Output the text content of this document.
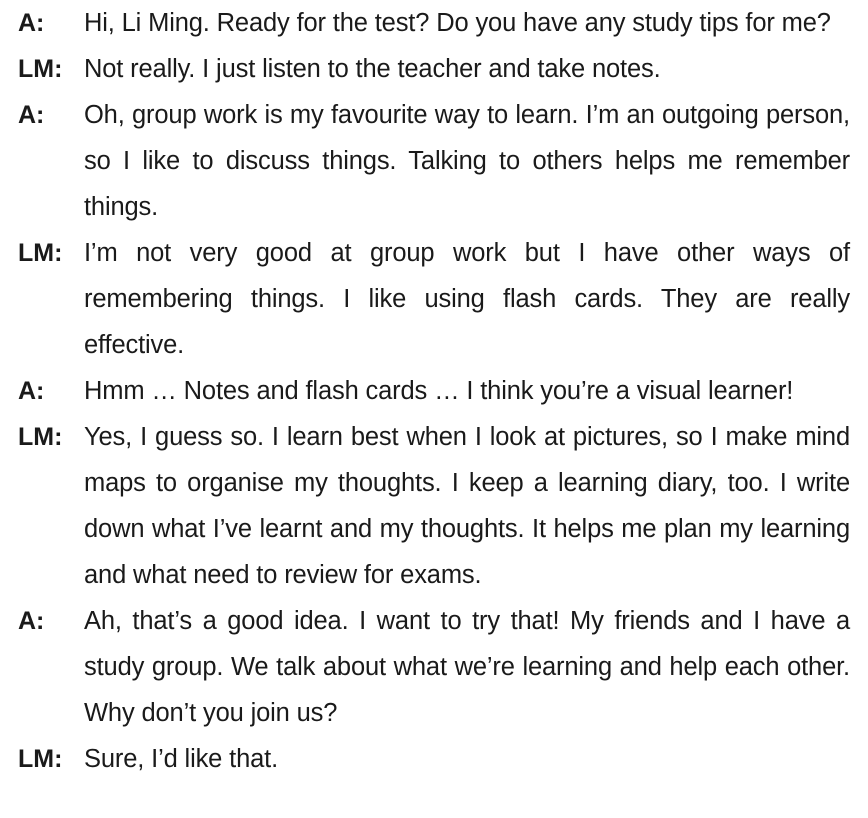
A:	Hi, Li Ming. Ready for the test? Do you have any study tips for me?
LM: Not really. I just listen to the teacher and take notes.
A:	Oh, group work is my favourite way to learn. I’m an outgoing person, so I like to discuss things. Talking to others helps me remember things.
LM: I’m not very good at group work but I have other ways of remembering things. I like using flash cards. They are really effective.
A:	Hmm … Notes and flash cards … I think you’re a visual learner!
LM: Yes, I guess so. I learn best when I look at pictures, so I make mind maps to organise my thoughts. I keep a learning diary, too. I write down what I’ve learnt and my thoughts. It helps me plan my learning and what need to review for exams.
A:	Ah, that’s a good idea. I want to try that! My friends and I have a study group. We talk about what we’re learning and help each other. Why don’t you join us?
LM: Sure, I’d like that.
